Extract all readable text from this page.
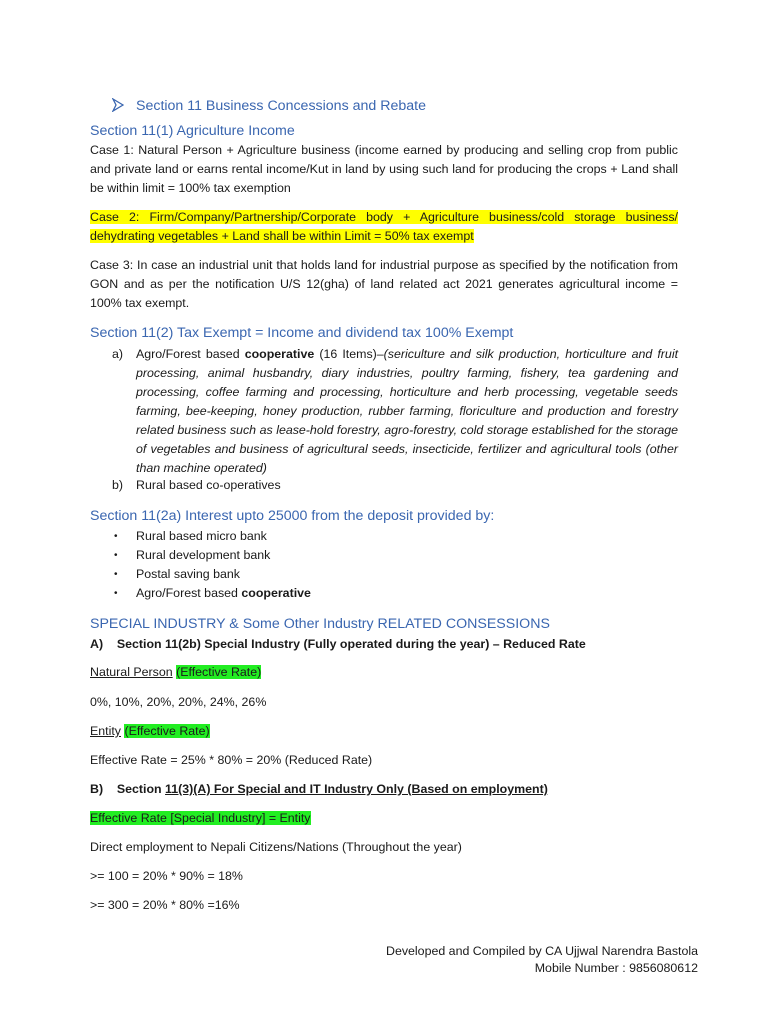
Section 11 Business Concessions and Rebate
Section 11(1) Agriculture Income
Case 1: Natural Person + Agriculture business (income earned by producing and selling crop from public and private land or earns rental income/Kut in land by using such land for producing the crops + Land shall be within limit = 100% tax exemption
Case 2: Firm/Company/Partnership/Corporate body + Agriculture business/cold storage business/ dehydrating vegetables + Land shall be within Limit = 50% tax exempt
Case 3: In case an industrial unit that holds land for industrial purpose as specified by the notification from GON and as per the notification U/S 12(gha) of land related act 2021 generates agricultural income = 100% tax exempt.
Section 11(2) Tax Exempt = Income and dividend tax 100% Exempt
a) Agro/Forest based cooperative (16 Items)–(sericulture and silk production, horticulture and fruit processing, animal husbandry, diary industries, poultry farming, fishery, tea gardening and processing, coffee farming and processing, horticulture and herb processing, vegetable seeds farming, bee-keeping, honey production, rubber farming, floriculture and production and forestry related business such as lease-hold forestry, agro-forestry, cold storage established for the storage of vegetables and business of agricultural seeds, insecticide, fertilizer and agricultural tools (other than machine operated)
b) Rural based co-operatives
Section 11(2a) Interest upto 25000 from the deposit provided by:
• Rural based micro bank
• Rural development bank
• Postal saving bank
• Agro/Forest based cooperative
SPECIAL INDUSTRY & Some Other Industry RELATED CONSESSIONS
A)    Section 11(2b) Special Industry (Fully operated during the year) – Reduced Rate
Natural Person (Effective Rate)
0%, 10%, 20%, 20%, 24%, 26%
Entity (Effective Rate)
Effective Rate = 25% * 80% = 20% (Reduced Rate)
B)    Section 11(3)(A) For Special and IT Industry Only (Based on employment)
Effective Rate [Special Industry] = Entity
Direct employment to Nepali Citizens/Nations (Throughout the year)
>= 100 = 20% * 90% = 18%
>= 300 = 20% * 80% =16%
Developed and Compiled by CA Ujjwal Narendra Bastola
Mobile Number : 9856080612
